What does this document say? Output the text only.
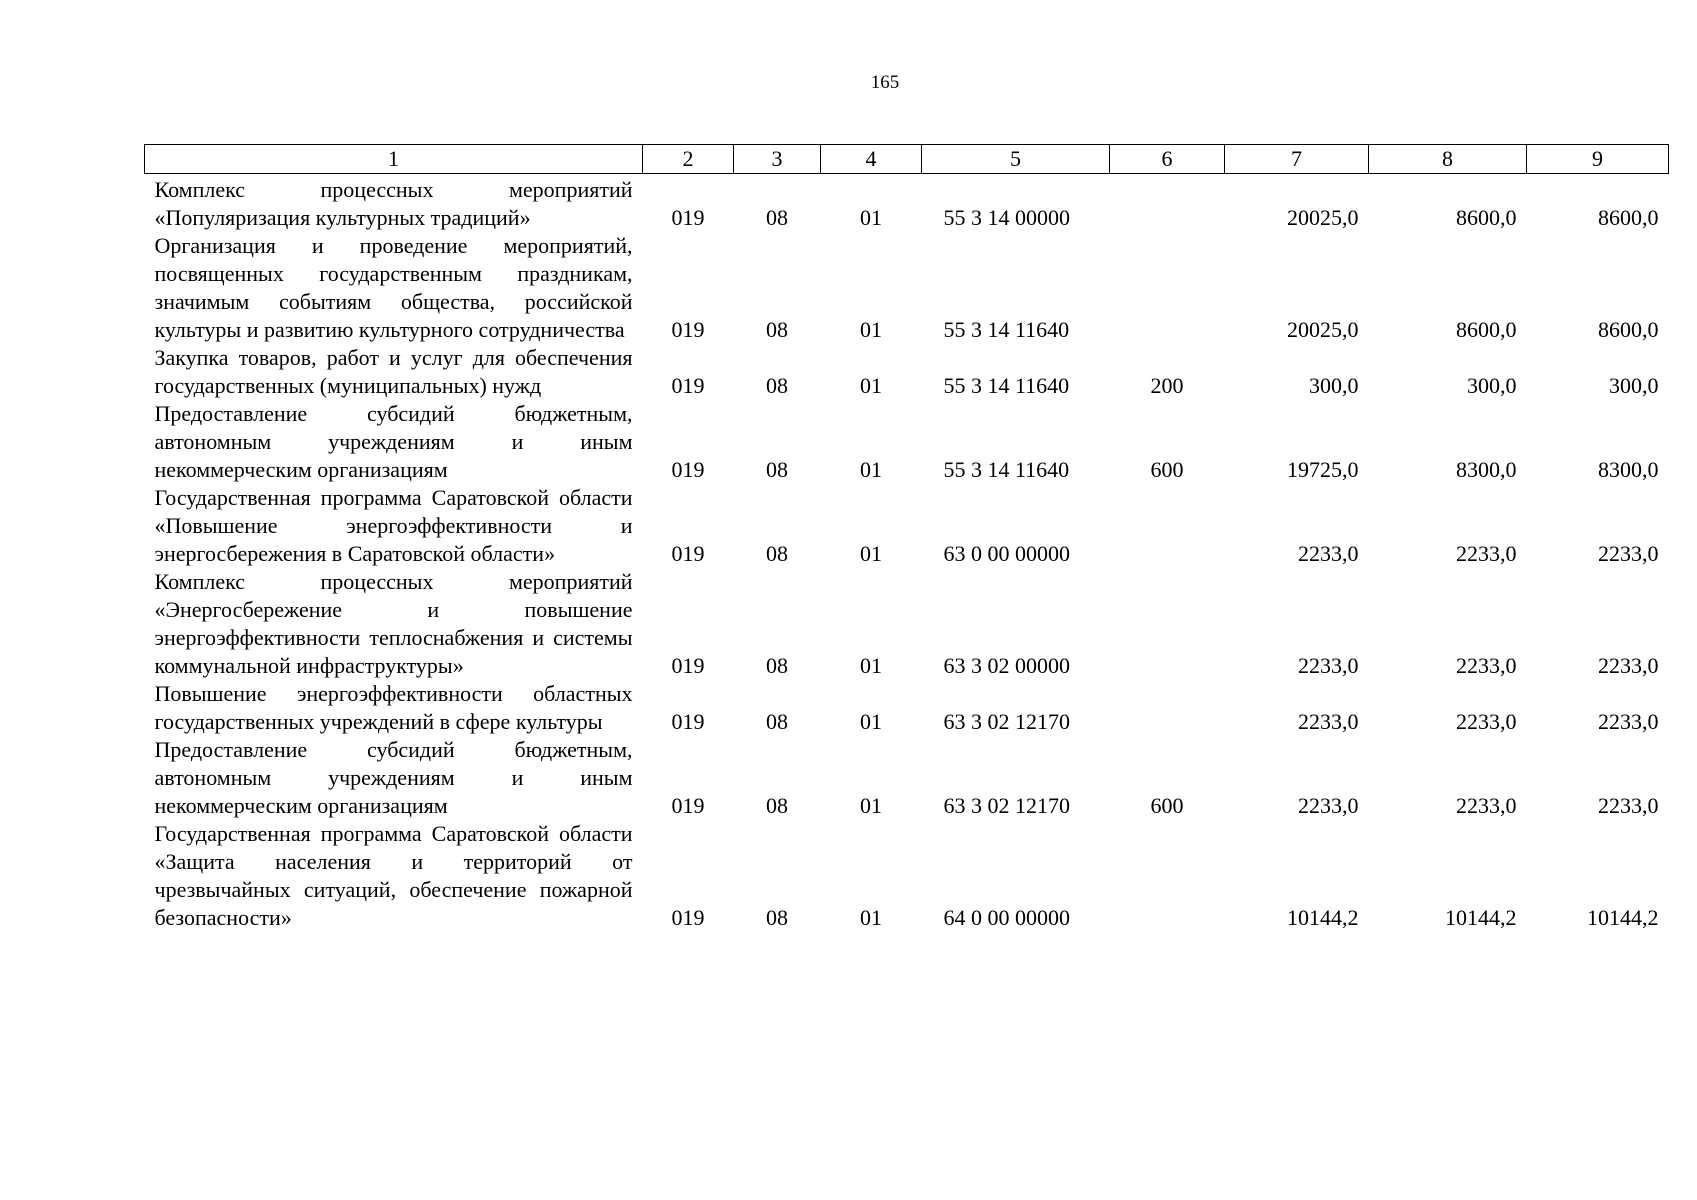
165
1	2	3	4	5	6	7	8	9
Комплекс процессных мероприятий «Популяризация культурных традиций»	019	08	01	55 3 14 00000		20025,0	8600,0	8600,0
Организация и проведение мероприятий, посвященных государственным праздникам, значимым событиям общества, российской культуры и развитию культурного сотрудничества	019	08	01	55 3 14 11640		20025,0	8600,0	8600,0
Закупка товаров, работ и услуг для обеспечения государственных (муниципальных) нужд	019	08	01	55 3 14 11640	200	300,0	300,0	300,0
Предоставление субсидий бюджетным, автономным учреждениям и иным некоммерческим организациям	019	08	01	55 3 14 11640	600	19725,0	8300,0	8300,0
Государственная программа Саратовской области «Повышение энергоэффективности и энергосбережения в Саратовской области»	019	08	01	63 0 00 00000		2233,0	2233,0	2233,0
Комплекс процессных мероприятий «Энергосбережение и повышение энергоэффективности теплоснабжения и системы коммунальной инфраструктуры»	019	08	01	63 3 02 00000		2233,0	2233,0	2233,0
Повышение энергоэффективности областных государственных учреждений в сфере культуры	019	08	01	63 3 02 12170		2233,0	2233,0	2233,0
Предоставление субсидий бюджетным, автономным учреждениям и иным некоммерческим организациям	019	08	01	63 3 02 12170	600	2233,0	2233,0	2233,0
Государственная программа Саратовской области «Защита населения и территорий от чрезвычайных ситуаций, обеспечение пожарной безопасности»	019	08	01	64 0 00 00000		10144,2	10144,2	10144,2
